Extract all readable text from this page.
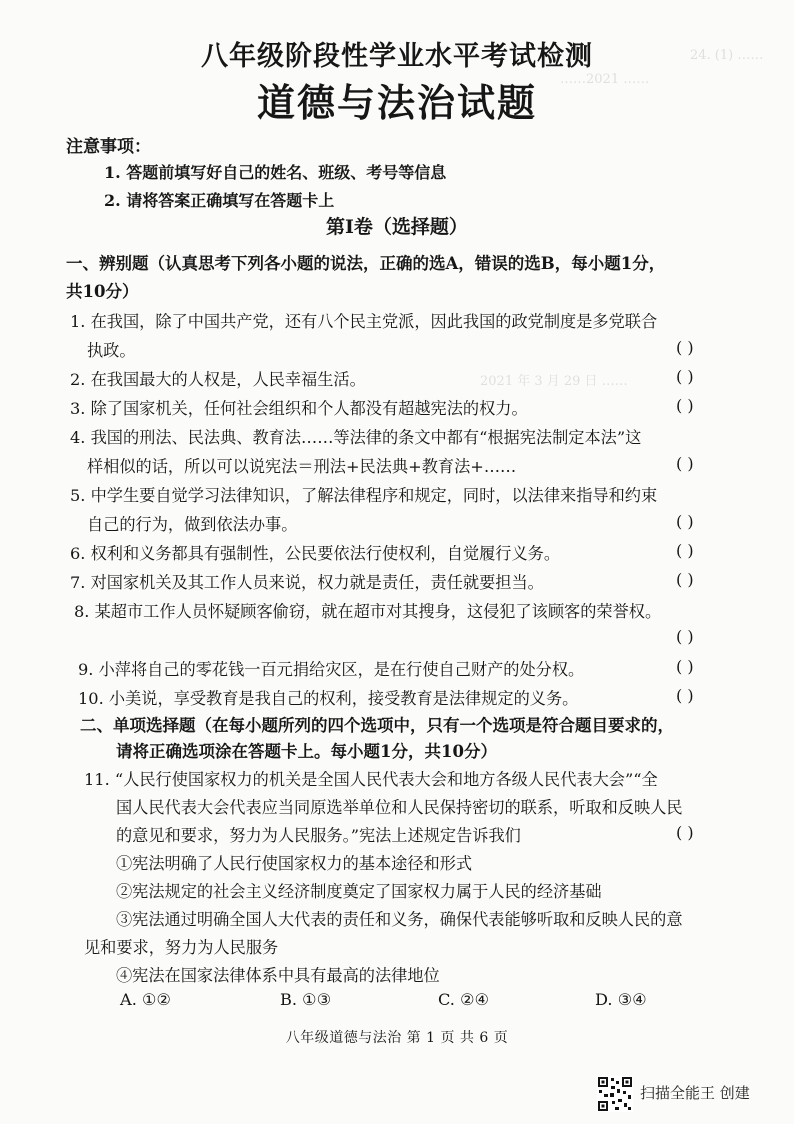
24. (1) ……
……2021 ……
2021 年 3 月 29 日 ……
八年级阶段性学业水平考试检测
道德与法治试题
注意事项：
1. 答题前填写好自己的姓名、班级、考号等信息
2. 请将答案正确填写在答题卡上
第Ⅰ卷（选择题）
一、辨别题（认真思考下列各小题的说法，正确的选A，错误的选B，每小题1分，
共10分）
1. 在我国，除了中国共产党，还有八个民主党派，因此我国的政党制度是多党联合
执政。	( )
2. 在我国最大的人权是，人民幸福生活。	( )
3. 除了国家机关，任何社会组织和个人都没有超越宪法的权力。	( )
4. 我国的刑法、民法典、教育法……等法律的条文中都有“根据宪法制定本法”这
样相似的话，所以可以说宪法＝刑法+民法典+教育法+……	( )
5. 中学生要自觉学习法律知识，了解法律程序和规定，同时，以法律来指导和约束
自己的行为，做到依法办事。	( )
6. 权利和义务都具有强制性，公民要依法行使权利，自觉履行义务。	( )
7. 对国家机关及其工作人员来说，权力就是责任，责任就要担当。	( )
8. 某超市工作人员怀疑顾客偷窃，就在超市对其搜身，这侵犯了该顾客的荣誉权。
( )
9. 小萍将自己的零花钱一百元捐给灾区，是在行使自己财产的处分权。	( )
10. 小美说，享受教育是我自己的权利，接受教育是法律规定的义务。	( )
二、单项选择题（在每小题所列的四个选项中，只有一个选项是符合题目要求的，
请将正确选项涂在答题卡上。每小题1分，共10分）
11. “人民行使国家权力的机关是全国人民代表大会和地方各级人民代表大会”“全
国人民代表大会代表应当同原选举单位和人民保持密切的联系，听取和反映人民
的意见和要求，努力为人民服务。”宪法上述规定告诉我们	( )
①宪法明确了人民行使国家权力的基本途径和形式
②宪法规定的社会主义经济制度奠定了国家权力属于人民的经济基础
③宪法通过明确全国人大代表的责任和义务，确保代表能够听取和反映人民的意
见和要求，努力为人民服务
④宪法在国家法律体系中具有最高的法律地位
A. ①②	B. ①③	C. ②④	D. ③④
八年级道德与法治 第 1 页 共 6 页
扫描全能王 创建
